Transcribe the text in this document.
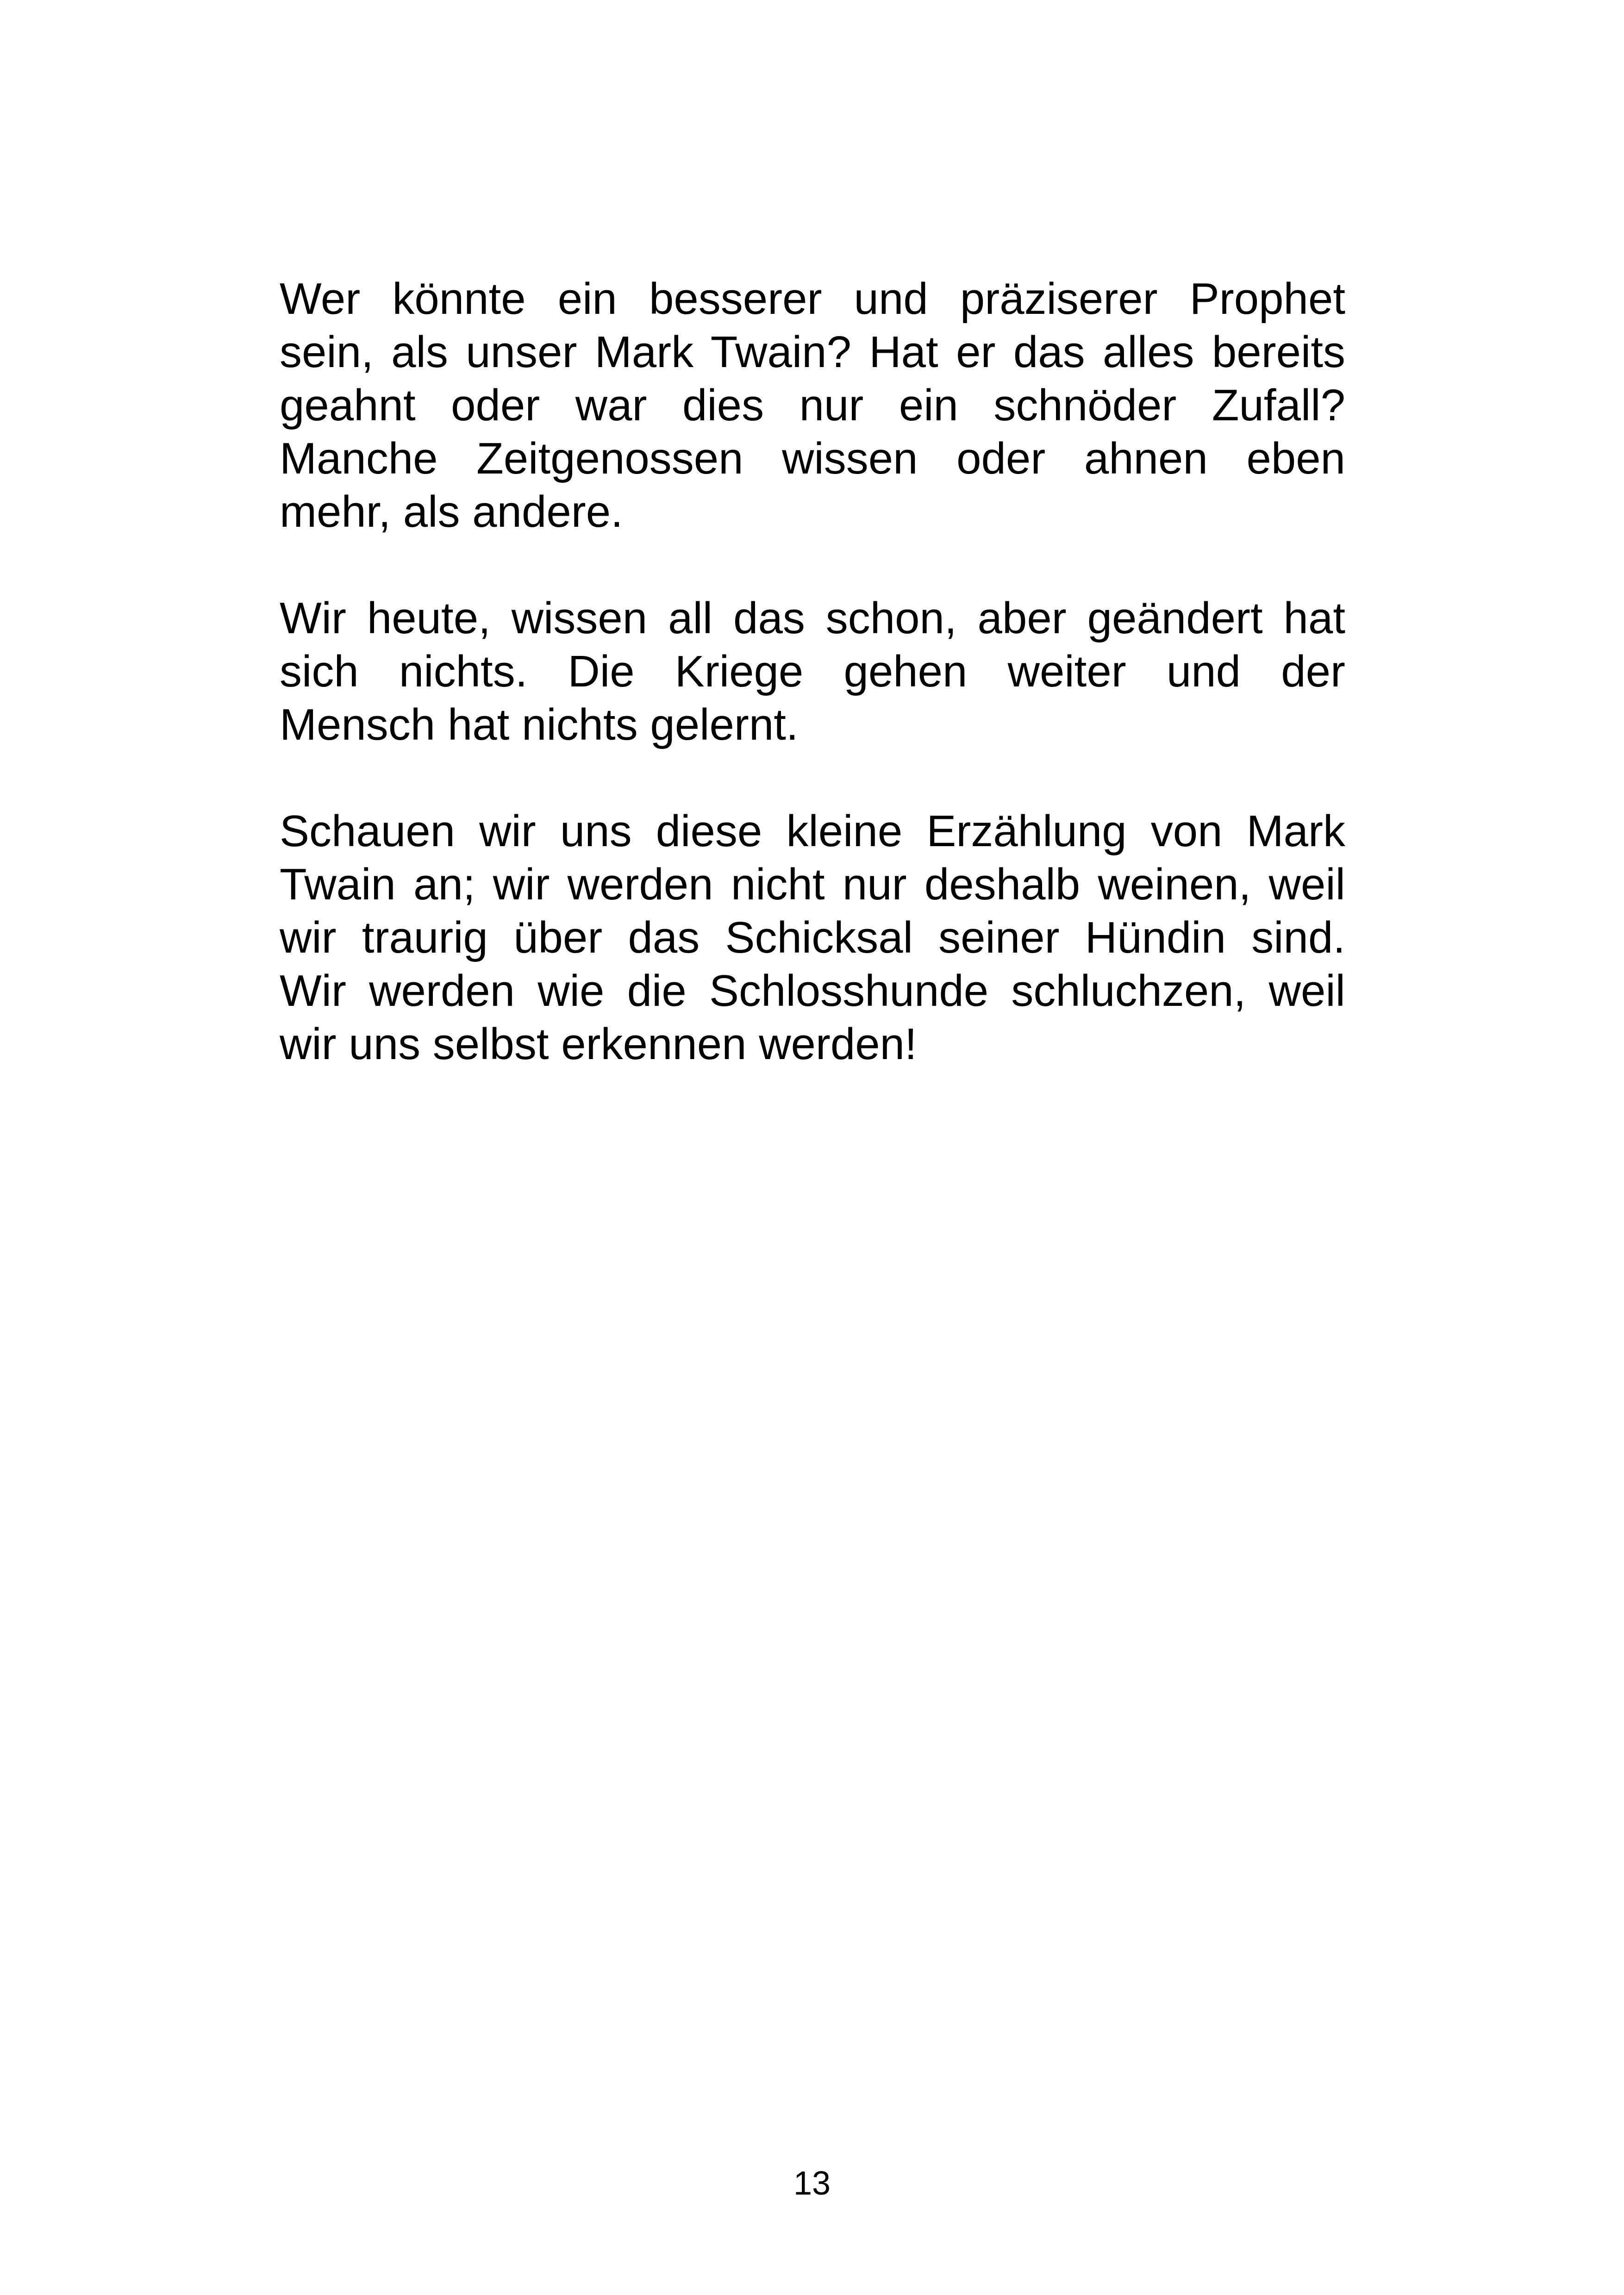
Wer könnte ein besserer und präziserer Prophet
sein, als unser Mark Twain? Hat er das alles bereits
geahnt oder war dies nur ein schnöder Zufall?
Manche Zeitgenossen wissen oder ahnen eben
mehr, als andere.

Wir heute, wissen all das schon, aber geändert hat
sich nichts. Die Kriege gehen weiter und der
Mensch hat nichts gelernt.

Schauen wir uns diese kleine Erzählung von Mark
Twain an; wir werden nicht nur deshalb weinen, weil
wir traurig über das Schicksal seiner Hündin sind.
Wir werden wie die Schlosshunde schluchzen, weil
wir uns selbst erkennen werden!

13
